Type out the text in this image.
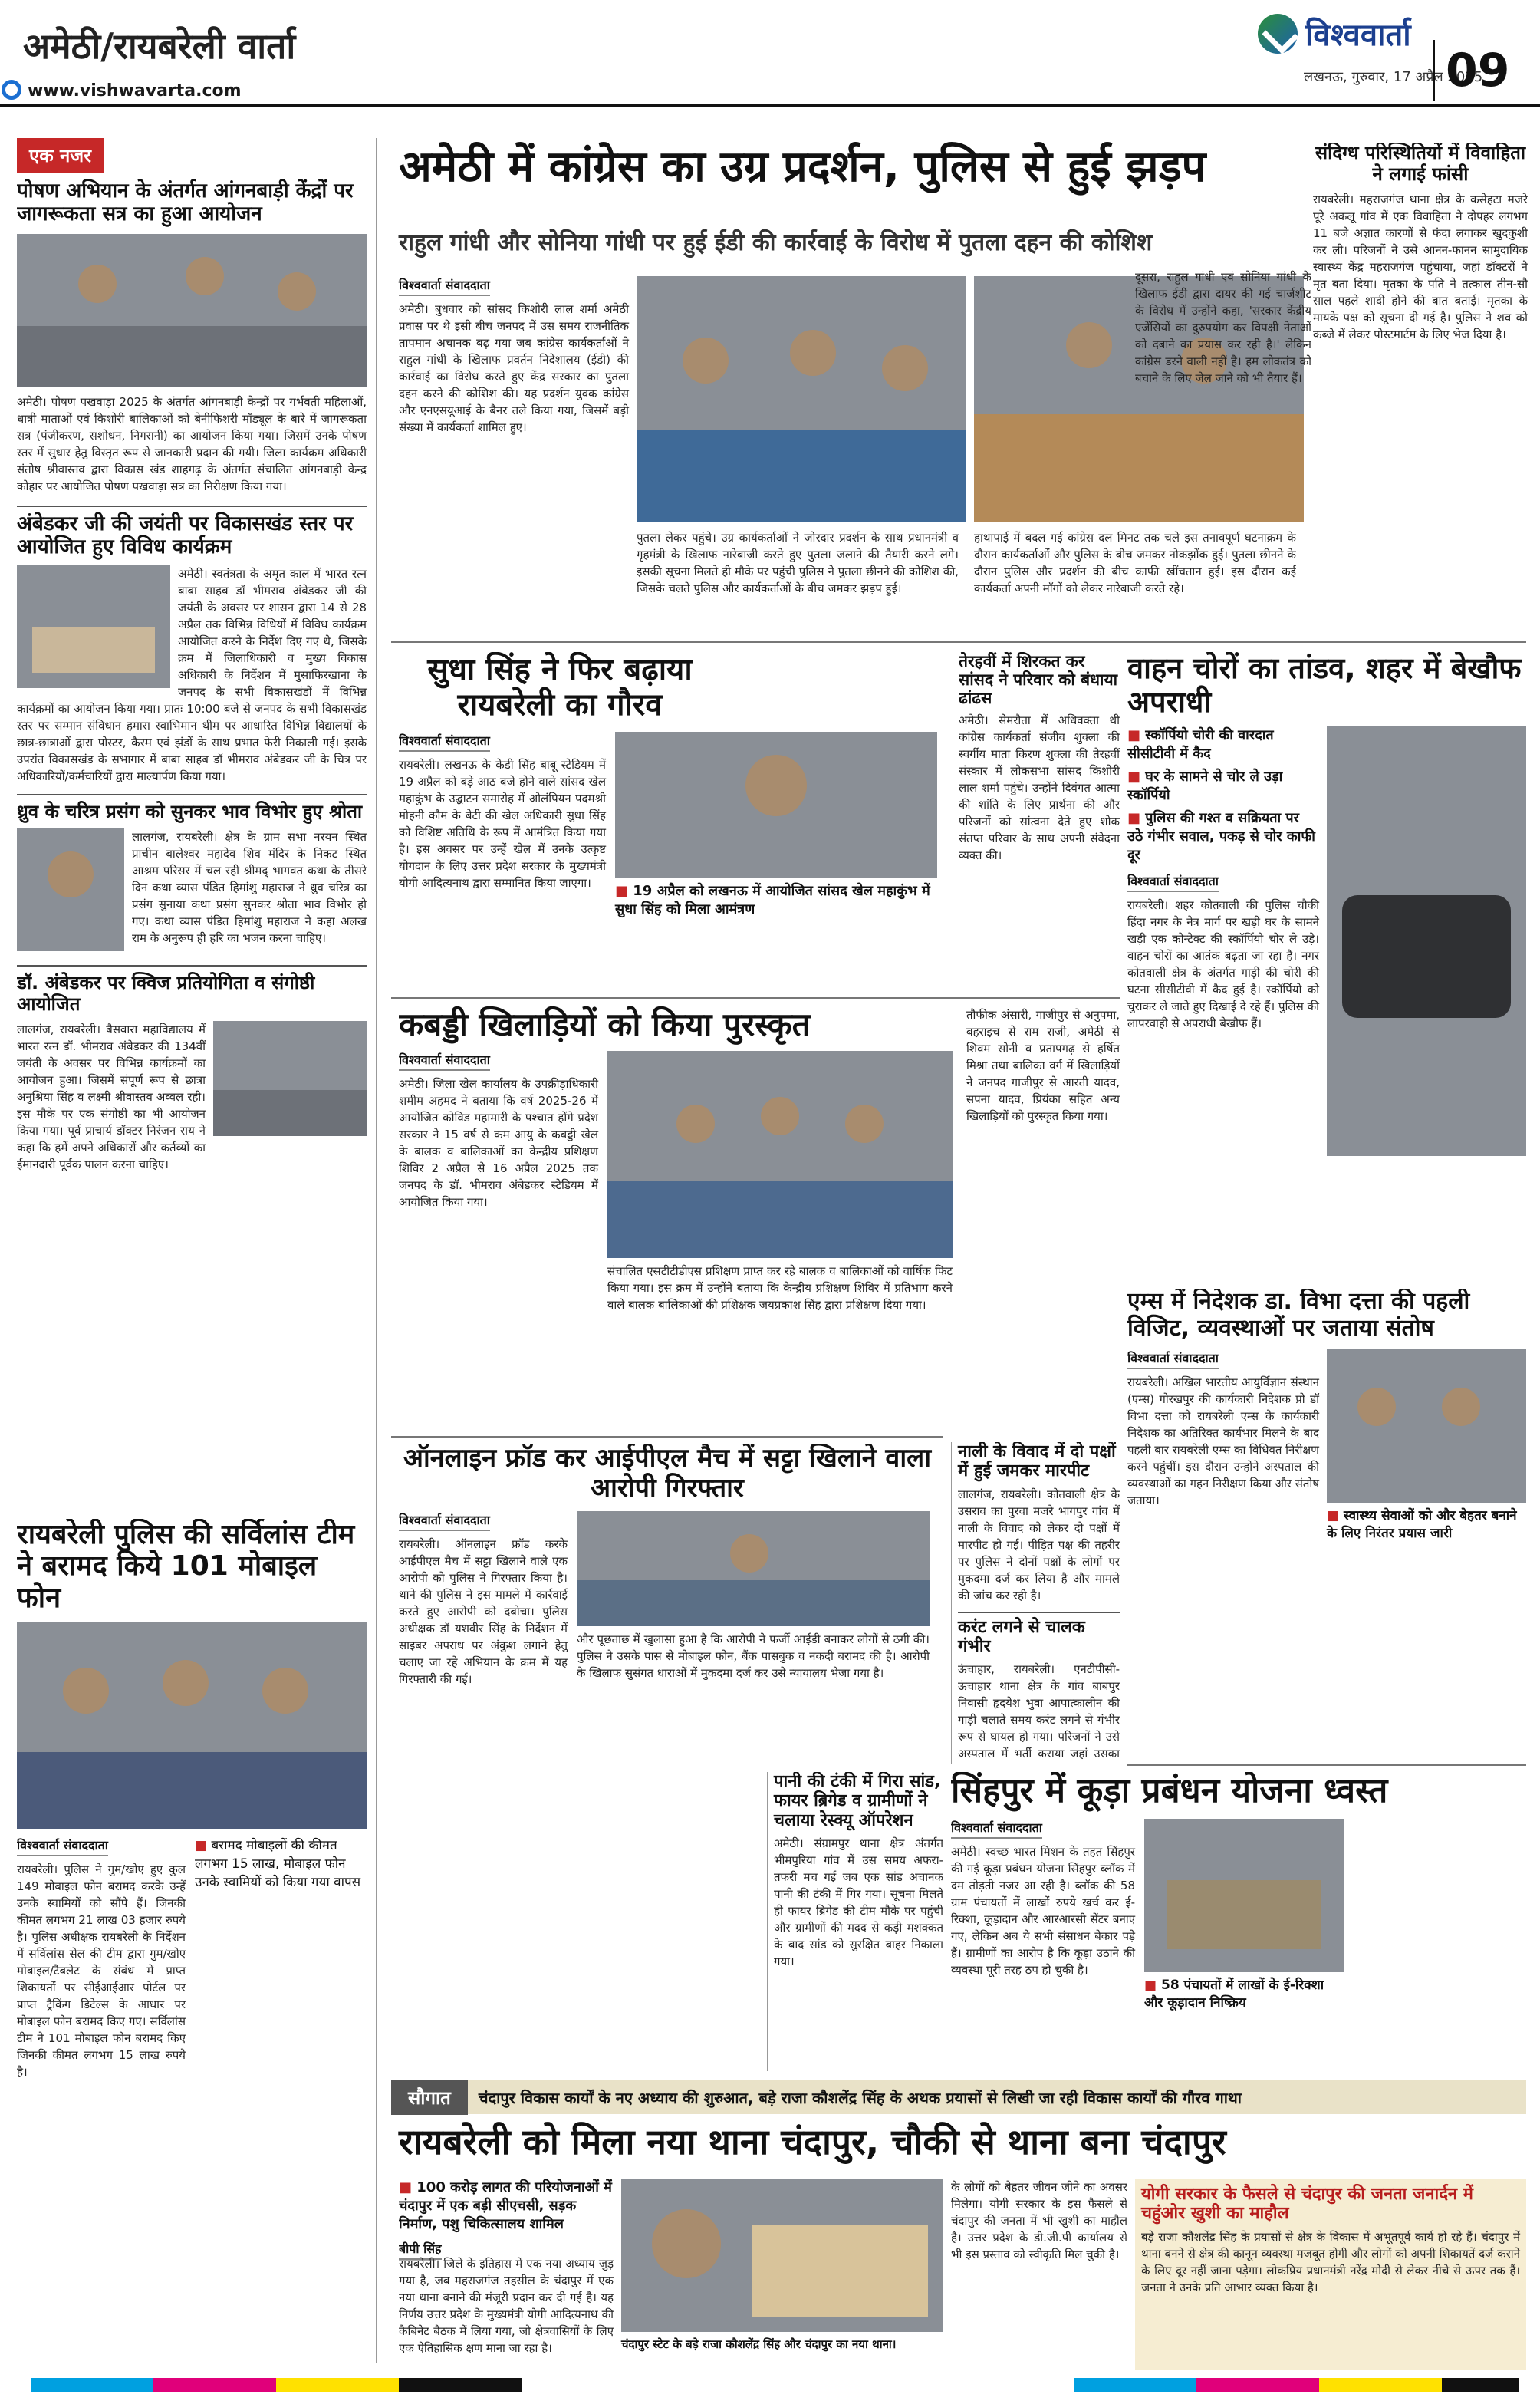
अमेठी/रायबरेली वार्ता	विश्ववार्ता
लखनऊ, गुरुवार, 17 अप्रैल 2025
09
www.vishwavarta.com
एक नजर
पोषण अभियान के अंतर्गत आंगनबाड़ी केंद्रों पर जागरूकता सत्र का हुआ आयोजन
अमेठी। पोषण पखवाड़ा 2025 के अंतर्गत आंगनबाड़ी केन्द्रों पर गर्भवती महिलाओं, धात्री माताओं एवं किशोरी बालिकाओं को बेनीफिशरी मॉड्यूल के बारे में जागरूकता सत्र (पंजीकरण, सशोधन, निगरानी) का आयोजन किया गया। जिसमें उनके पोषण स्तर में सुधार हेतु विस्तृत रूप से जानकारी प्रदान की गयी। जिला कार्यक्रम अधिकारी संतोष श्रीवास्तव द्वारा विकास खंड शाहगढ़ के अंतर्गत संचालित आंगनबाड़ी केन्द्र कोहार पर आयोजित पोषण पखवाड़ा सत्र का निरीक्षण किया गया।
अंबेडकर जी की जयंती पर विकासखंड स्तर पर आयोजित हुए विविध कार्यक्रम
अमेठी। स्वतंत्रता के अमृत काल में भारत रत्न बाबा साहब डॉ भीमराव अंबेडकर जी की जयंती के अवसर पर शासन द्वारा 14 से 28 अप्रैल तक विभिन्न विधियों में विविध कार्यक्रम आयोजित करने के निर्देश दिए गए थे, जिसके क्रम में जिलाधिकारी व मुख्य विकास अधिकारी के निर्देशन में मुसाफिरखाना के जनपद के सभी विकासखंडों में विभिन्न कार्यक्रमों का आयोजन किया गया। प्रातः 10:00 बजे से जनपद के सभी विकासखंड स्तर पर सम्मान संविधान हमारा स्वाभिमान थीम पर आधारित विभिन्न विद्यालयों के छात्र-छात्राओं द्वारा पोस्टर, कैरम एवं झंडों के साथ प्रभात फेरी निकाली गई। इसके उपरांत विकासखंड के सभागार में बाबा साहब डॉ भीमराव अंबेडकर जी के चित्र पर अधिकारियों/कर्मचारियों द्वारा माल्यार्पण किया गया।
ध्रुव के चरित्र प्रसंग को सुनकर भाव विभोर हुए श्रोता
लालगंज, रायबरेली। क्षेत्र के ग्राम सभा नरयन स्थित प्राचीन बालेश्वर महादेव शिव मंदिर के निकट स्थित आश्रम परिसर में चल रही श्रीमद् भागवत कथा के तीसरे दिन कथा व्यास पंडित हिमांशु महाराज ने ध्रुव चरित्र का प्रसंग सुनाया कथा प्रसंग सुनकर श्रोता भाव विभोर हो गए। कथा व्यास पंडित हिमांशु महाराज ने कहा अलख राम के अनुरूप ही हरि का भजन करना चाहिए।
डॉ. अंबेडकर पर क्विज प्रतियोगिता व संगोष्ठी आयोजित
लालगंज, रायबरेली। बैसवारा महाविद्यालय में भारत रत्न डॉ. भीमराव अंबेडकर की 134वीं जयंती के अवसर पर विभिन्न कार्यक्रमों का आयोजन हुआ। जिसमें संपूर्ण रूप से छात्रा अनुश्रिया सिंह व लक्ष्मी श्रीवास्तव अव्वल रही। इस मौके पर एक संगोष्ठी का भी आयोजन किया गया। पूर्व प्राचार्य डॉक्टर निरंजन राय ने कहा कि हमें अपने अधिकारों और कर्तव्यों का ईमानदारी पूर्वक पालन करना चाहिए।
रायबरेली पुलिस की सर्विलांस टीम ने बरामद किये 101 मोबाइल फोन
विश्ववार्ता संवाददाता
रायबरेली। पुलिस ने गुम/खोए हुए कुल 149 मोबाइल फोन बरामद करके उन्हें उनके स्वामियों को सौंपे हैं। जिनकी कीमत लगभग 21 लाख 03 हजार रुपये है। पुलिस अधीक्षक रायबरेली के निर्देशन में सर्विलांस सेल की टीम द्वारा गुम/खोए मोबाइल/टैबलेट के संबंध में प्राप्त शिकायतों पर सीईआईआर पोर्टल पर प्राप्त ट्रैकिंग डिटेल्स के आधार पर मोबाइल फोन बरामद किए गए। सर्विलांस टीम ने 101 मोबाइल फोन बरामद किए जिनकी कीमत लगभग 15 लाख रुपये है।
■ बरामद मोबाइलों की कीमत लगभग 15 लाख, मोबाइल फोन उनके स्वामियों को किया गया वापस
अमेठी में कांग्रेस का उग्र प्रदर्शन, पुलिस से हुई झड़प
राहुल गांधी और सोनिया गांधी पर हुई ईडी की कार्रवाई के विरोध में पुतला दहन की कोशिश
विश्ववार्ता संवाददाता
अमेठी। बुधवार को सांसद किशोरी लाल शर्मा अमेठी प्रवास पर थे इसी बीच जनपद में उस समय राजनीतिक तापमान अचानक बढ़ गया जब कांग्रेस कार्यकर्ताओं ने राहुल गांधी के खिलाफ प्रवर्तन निदेशालय (ईडी) की कार्रवाई का विरोध करते हुए केंद्र सरकार का पुतला दहन करने की कोशिश की। यह प्रदर्शन युवक कांग्रेस और एनएसयूआई के बैनर तले किया गया, जिसमें बड़ी संख्या में कार्यकर्ता शामिल हुए।
पुतला लेकर पहुंचे। उग्र कार्यकर्ताओं ने जोरदार प्रदर्शन के साथ प्रधानमंत्री व गृहमंत्री के खिलाफ नारेबाजी करते हुए पुतला जलाने की तैयारी करने लगे। इसकी सूचना मिलते ही मौके पर पहुंची पुलिस ने पुतला छीनने की कोशिश की, जिसके चलते पुलिस और कार्यकर्ताओं के बीच जमकर झड़प हुई।
हाथापाई में बदल गई कांग्रेस दल मिनट तक चले इस तनावपूर्ण घटनाक्रम के दौरान कार्यकर्ताओं और पुलिस के बीच जमकर नोकझोंक हुई। पुतला छीनने के दौरान पुलिस और प्रदर्शन की बीच काफी खींचतान हुई। इस दौरान कई कार्यकर्ता अपनी माँगों को लेकर नारेबाजी करते रहे।
संदिग्ध परिस्थितियों में विवाहिता ने लगाई फांसी
रायबरेली। महराजगंज थाना क्षेत्र के कसेहटा मजरे पूरे अकलू गांव में एक विवाहिता ने दोपहर लगभग 11 बजे अज्ञात कारणों से फंदा लगाकर खुदकुशी कर ली। परिजनों ने उसे आनन-फानन सामुदायिक स्वास्थ्य केंद्र महराजगंज पहुंचाया, जहां डॉक्टरों ने मृत बता दिया। मृतका के पति ने तत्काल तीन-सौ साल पहले शादी होने की बात बताई। मृतका के मायके पक्ष को सूचना दी गई है। पुलिस ने शव को कब्जे में लेकर पोस्टमार्टम के लिए भेज दिया है।
दूसरा, राहुल गांधी एवं सोनिया गांधी के खिलाफ ईडी द्वारा दायर की गई चार्जशीट के विरोध में उन्होंने कहा, 'सरकार केंद्रीय एजेंसियों का दुरुपयोग कर विपक्षी नेताओं को दबाने का प्रयास कर रही है।' लेकिन कांग्रेस डरने वाली नहीं है। हम लोकतंत्र को बचाने के लिए जेल जाने को भी तैयार हैं।
सुधा सिंह ने फिर बढ़ाया रायबरेली का गौरव
विश्ववार्ता संवाददाता
रायबरेली। लखनऊ के केडी सिंह बाबू स्टेडियम में 19 अप्रैल को बड़े आठ बजे होने वाले सांसद खेल महाकुंभ के उद्घाटन समारोह में ओलंपियन पदमश्री मोहनी कौम के बेटी की खेल अधिकारी सुधा सिंह को विशिष्ट अतिथि के रूप में आमंत्रित किया गया है। इस अवसर पर उन्हें खेल में उनके उत्कृष्ट योगदान के लिए उत्तर प्रदेश सरकार के मुख्यमंत्री योगी आदित्यनाथ द्वारा सम्मानित किया जाएगा।
■	19 अप्रैल को लखनऊ में आयोजित सांसद खेल महाकुंभ में सुधा सिंह को मिला आमंत्रण
तेरहवीं में शिरकत कर सांसद ने परिवार को बंधाया ढांढस
अमेठी। सेमरौता में अधिवक्ता थी कांग्रेस कार्यकर्ता संजीव शुक्ला की स्वर्गीय माता किरण शुक्ला की तेरहवीं संस्कार में लोकसभा सांसद किशोरी लाल शर्मा पहुंचे। उन्होंने दिवंगत आत्मा की शांति के लिए प्रार्थना की और परिजनों को सांत्वना देते हुए शोक संतप्त परिवार के साथ अपनी संवेदना व्यक्त की।
वाहन चोरों का तांडव, शहर में बेखौफ अपराधी
■ स्कॉर्पियो चोरी की वारदात सीसीटीवी में कैद
■ घर के सामने से चोर ले उड़ा स्कॉर्पियो
■ पुलिस की गश्त व सक्रियता पर उठे गंभीर सवाल, पकड़ से चोर काफी दूर
विश्ववार्ता संवाददाता
रायबरेली। शहर कोतवाली की पुलिस चौकी हिंदा नगर के नेत्र मार्ग पर खड़ी घर के सामने खड़ी एक कोन्टेक्ट की स्कॉर्पियो चोर ले उड़े। वाहन चोरों का आतंक बढ़ता जा रहा है। नगर कोतवाली क्षेत्र के अंतर्गत गाड़ी की चोरी की घटना सीसीटीवी में कैद हुई है। स्कॉर्पियो को चुराकर ले जाते हुए दिखाई दे रहे हैं। पुलिस की लापरवाही से अपराधी बेखौफ हैं।
कबड्डी खिलाड़ियों को किया पुरस्कृत
विश्ववार्ता संवाददाता
अमेठी। जिला खेल कार्यालय के उपक्रीड़ाधिकारी शमीम अहमद ने बताया कि वर्ष 2025-26 में आयोजित कोविड महामारी के पश्चात होंगे प्रदेश सरकार ने 15 वर्ष से कम आयु के कबड्डी खेल के बालक व बालिकाओं का केन्द्रीय प्रशिक्षण शिविर 2 अप्रैल से 16 अप्रैल 2025 तक जनपद के डॉ. भीमराव अंबेडकर स्टेडियम में आयोजित किया गया।
संचालित एसटीटीडीएस प्रशिक्षण प्राप्त कर रहे बालक व बालिकाओं को वार्षिक फिट किया गया। इस क्रम में उन्होंने बताया कि केन्द्रीय प्रशिक्षण शिविर में प्रतिभाग करने वाले बालक बालिकाओं की प्रशिक्षक जयप्रकाश सिंह द्वारा प्रशिक्षण दिया गया।
तौफीक अंसारी, गाजीपुर से अनुपमा, बहराइच से राम राजी, अमेठी से शिवम सोनी व प्रतापगढ़ से हर्षित मिश्रा तथा बालिका वर्ग में खिलाड़ियों ने जनपद गाजीपुर से आरती यादव, सपना यादव, प्रियंका सहित अन्य खिलाड़ियों को पुरस्कृत किया गया।
एम्स में निदेशक डा. विभा दत्ता की पहली विजिट, व्यवस्थाओं पर जताया संतोष
विश्ववार्ता संवाददाता
रायबरेली। अखिल भारतीय आयुर्विज्ञान संस्थान (एम्स) गोरखपुर की कार्यकारी निदेशक प्रो डॉ विभा दत्ता को रायबरेली एम्स के कार्यकारी निदेशक का अतिरिक्त कार्यभार मिलने के बाद पहली बार रायबरेली एम्स का विधिवत निरीक्षण करने पहुंचीं। इस दौरान उन्होंने अस्पताल की व्यवस्थाओं का गहन निरीक्षण किया और संतोष जताया।
■ स्वास्थ्य सेवाओं को और बेहतर बनाने के लिए निरंतर प्रयास जारी
नाली के विवाद में दो पक्षों में हुई जमकर मारपीट
लालगंज, रायबरेली। कोतवाली क्षेत्र के उसराव का पुरवा मजरे भागपुर गांव में नाली के विवाद को लेकर दो पक्षों में मारपीट हो गई। पीड़ित पक्ष की तहरीर पर पुलिस ने दोनों पक्षों के लोगों पर मुकदमा दर्ज कर लिया है और मामले की जांच कर रही है।
करंट लगने से चालक गंभीर
ऊंचाहार, रायबरेली। एनटीपीसी-ऊंचाहार थाना क्षेत्र के गांव बाबपुर निवासी हृदयेश भुवा आपात्कालीन की गाड़ी चलाते समय करंट लगने से गंभीर रूप से घायल हो गया। परिजनों ने उसे अस्पताल में भर्ती कराया जहां उसका
ऑनलाइन फ्रॉड कर आईपीएल मैच में सट्टा खिलाने वाला आरोपी गिरफ्तार
विश्ववार्ता संवाददाता
रायबरेली। ऑनलाइन फ्रॉड करके आईपीएल मैच में सट्टा खिलाने वाले एक आरोपी को पुलिस ने गिरफ्तार किया है। थाने की पुलिस ने इस मामले में कार्रवाई करते हुए आरोपी को दबोचा। पुलिस अधीक्षक डॉ यशवीर सिंह के निर्देशन में साइबर अपराध पर अंकुश लगाने हेतु चलाए जा रहे अभियान के क्रम में यह गिरफ्तारी की गई।
और पूछताछ में खुलासा हुआ है कि आरोपी ने फर्जी आईडी बनाकर लोगों से ठगी की। पुलिस ने उसके पास से मोबाइल फोन, बैंक पासबुक व नकदी बरामद की है। आरोपी के खिलाफ सुसंगत धाराओं में मुकदमा दर्ज कर उसे न्यायालय भेजा गया है।
पानी की टंकी में गिरा सांड, फायर ब्रिगेड व ग्रामीणों ने चलाया रेस्क्यू ऑपरेशन
अमेठी। संग्रामपुर थाना क्षेत्र अंतर्गत भीमपुरिया गांव में उस समय अफरा-तफरी मच गई जब एक सांड अचानक पानी की टंकी में गिर गया। सूचना मिलते ही फायर ब्रिगेड की टीम मौके पर पहुंची और ग्रामीणों की मदद से कड़ी मशक्कत के बाद सांड को सुरक्षित बाहर निकाला गया।
सिंहपुर में कूड़ा प्रबंधन योजना ध्वस्त
विश्ववार्ता संवाददाता
अमेठी। स्वच्छ भारत मिशन के तहत सिंहपुर की गई कूड़ा प्रबंधन योजना सिंहपुर ब्लॉक में दम तोड़ती नजर आ रही है। ब्लॉक की 58 ग्राम पंचायतों में लाखों रुपये खर्च कर ई-रिक्शा, कूड़ादान और आरआरसी सेंटर बनाए गए, लेकिन अब ये सभी संसाधन बेकार पड़े हैं। ग्रामीणों का आरोप है कि कूड़ा उठाने की व्यवस्था पूरी तरह ठप हो चुकी है।
■ 58 पंचायतों में लाखों के ई-रिक्शा और कूड़ादान निष्क्रिय
सौगात	चंदापुर विकास कार्यों के नए अध्याय की शुरुआत, बड़े राजा कौशलेंद्र सिंह के अथक प्रयासों से लिखी जा रही विकास कार्यों की गौरव गाथा
रायबरेली को मिला नया थाना चंदापुर, चौकी से थाना बना चंदापुर
■ 100 करोड़ लागत की परियोजनाओं में चंदापुर में एक बड़ी सीएचसी, सड़क निर्माण, पशु चिकित्सालय शामिल
बीपी सिंह
चंदापुर स्टेट के बड़े राजा कौशलेंद्र सिंह और चंदापुर का नया थाना।
के लोगों को बेहतर जीवन जीने का अवसर मिलेगा। योगी सरकार के इस फैसले से चंदापुर की जनता में भी खुशी का माहौल है। उत्तर प्रदेश के डी.जी.पी कार्यालय से भी इस प्रस्ताव को स्वीकृति मिल चुकी है।
योगी सरकार के फैसले से चंदापुर की जनता जनार्दन में चहुंओर खुशी का माहौल
बड़े राजा कौशलेंद्र सिंह के प्रयासों से क्षेत्र के विकास में अभूतपूर्व कार्य हो रहे हैं। चंदापुर में थाना बनने से क्षेत्र की कानून व्यवस्था मजबूत होगी और लोगों को अपनी शिकायतें दर्ज कराने के लिए दूर नहीं जाना पड़ेगा। लोकप्रिय प्रधानमंत्री नरेंद्र मोदी से लेकर नीचे से ऊपर तक हैं। जनता ने उनके प्रति आभार व्यक्त किया है।
रायबरेली। जिले के इतिहास में एक नया अध्याय जुड़ गया है, जब महराजगंज तहसील के चंदापुर में एक नया थाना बनाने की मंजूरी प्रदान कर दी गई है। यह निर्णय उत्तर प्रदेश के मुख्यमंत्री योगी आदित्यनाथ की कैबिनेट बैठक में लिया गया, जो क्षेत्रवासियों के लिए एक ऐतिहासिक क्षण माना जा रहा है।
